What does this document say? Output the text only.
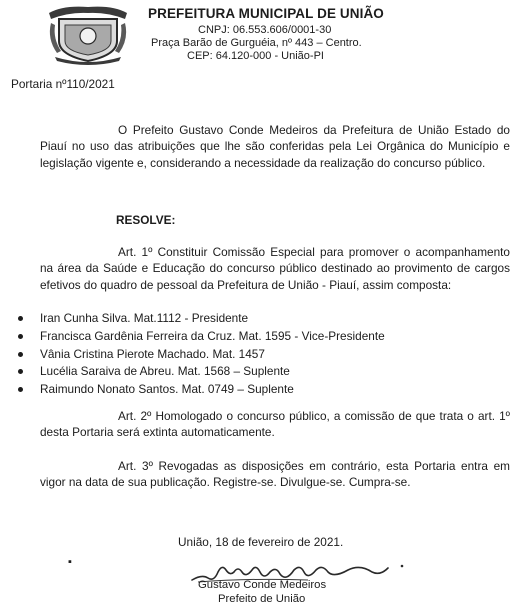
PREFEITURA MUNICIPAL DE UNIÃO
CNPJ: 06.553.606/0001-30
Praça Barão de Gurguéia, nº 443 – Centro.
CEP: 64.120-000 - União-PI
Portaria nº110/2021

O Prefeito Gustavo Conde Medeiros da Prefeitura de União Estado do Piauí no uso das atribuições que lhe são conferidas pela Lei Orgânica do Município e legislação vigente e, considerando a necessidade da realização do concurso público.

RESOLVE:

Art. 1º Constituir Comissão Especial para promover o acompanhamento na área da Saúde e Educação do concurso público destinado ao provimento de cargos efetivos do quadro de pessoal da Prefeitura de União - Piauí, assim composta:

Iran Cunha Silva. Mat.1112 - Presidente
Francisca Gardênia Ferreira da Cruz. Mat. 1595 - Vice-Presidente
Vânia Cristina Pierote Machado. Mat. 1457
Lucélia Saraiva de Abreu. Mat. 1568 – Suplente
Raimundo Nonato Santos. Mat. 0749 – Suplente

Art. 2º Homologado o concurso público, a comissão de que trata o art. 1º desta Portaria será extinta automaticamente.

Art. 3º Revogadas as disposições em contrário, esta Portaria entra em vigor na data de sua publicação. Registre-se. Divulgue-se. Cumpra-se.

União, 18 de fevereiro de 2021.
▪
Gustavo Conde Medeiros
Prefeito de União
